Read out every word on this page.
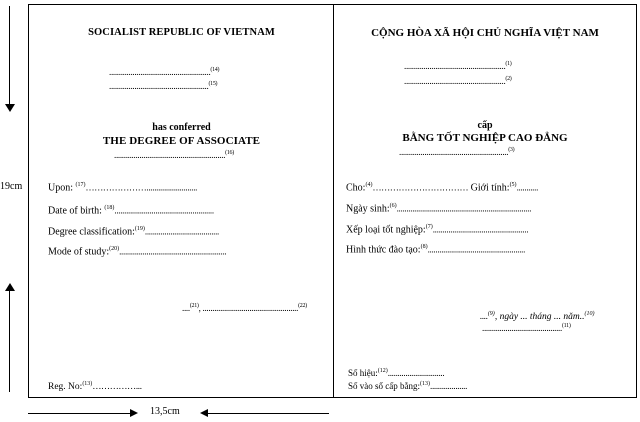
19cm
SOCIALIST REPUBLIC OF VIETNAM
....................................................$^{(14)}$
...................................................$^{(15)}$
has conferred
THE DEGREE OF ASSOCIATE
.........................................................$^{(16)}$
Upon: $^{(17)}$…………………..........................
Date of birth: $^{(18)}$...................................................
Degree classification:$^{(19)}$......................................
Mode of study:$^{(20)}$.......................................................
....$^{(21)}$, .................................................$^{(22)}$
Reg. No:$^{(13)}$……………...
CỘNG HÒA XÃ HỘI CHỦ NGHĨA VIỆT NAM
....................................................$^{(1)}$
....................................................$^{(2)}$
cấp
BẰNG TỐT NGHIỆP CAO ĐẲNG
........................................................$^{(3)}$
Cho:$^{(4)}$…………………………… Giới tính:$^{(5)}$...........
Ngày sinh:$^{(6)}$.....................................................................
Xếp loại tốt nghiệp:$^{(7)}$.................................................
Hình thức đào tạo:$^{(8)}$..................................................
....$^{(9)}$, ngày ... tháng ... năm..$^{(10)}$
.........................................$^{(11)}$
Số hiệu:$^{(12)}$.............................
Số vào sổ cấp bằng:$^{(13)}$...................
13,5cm
